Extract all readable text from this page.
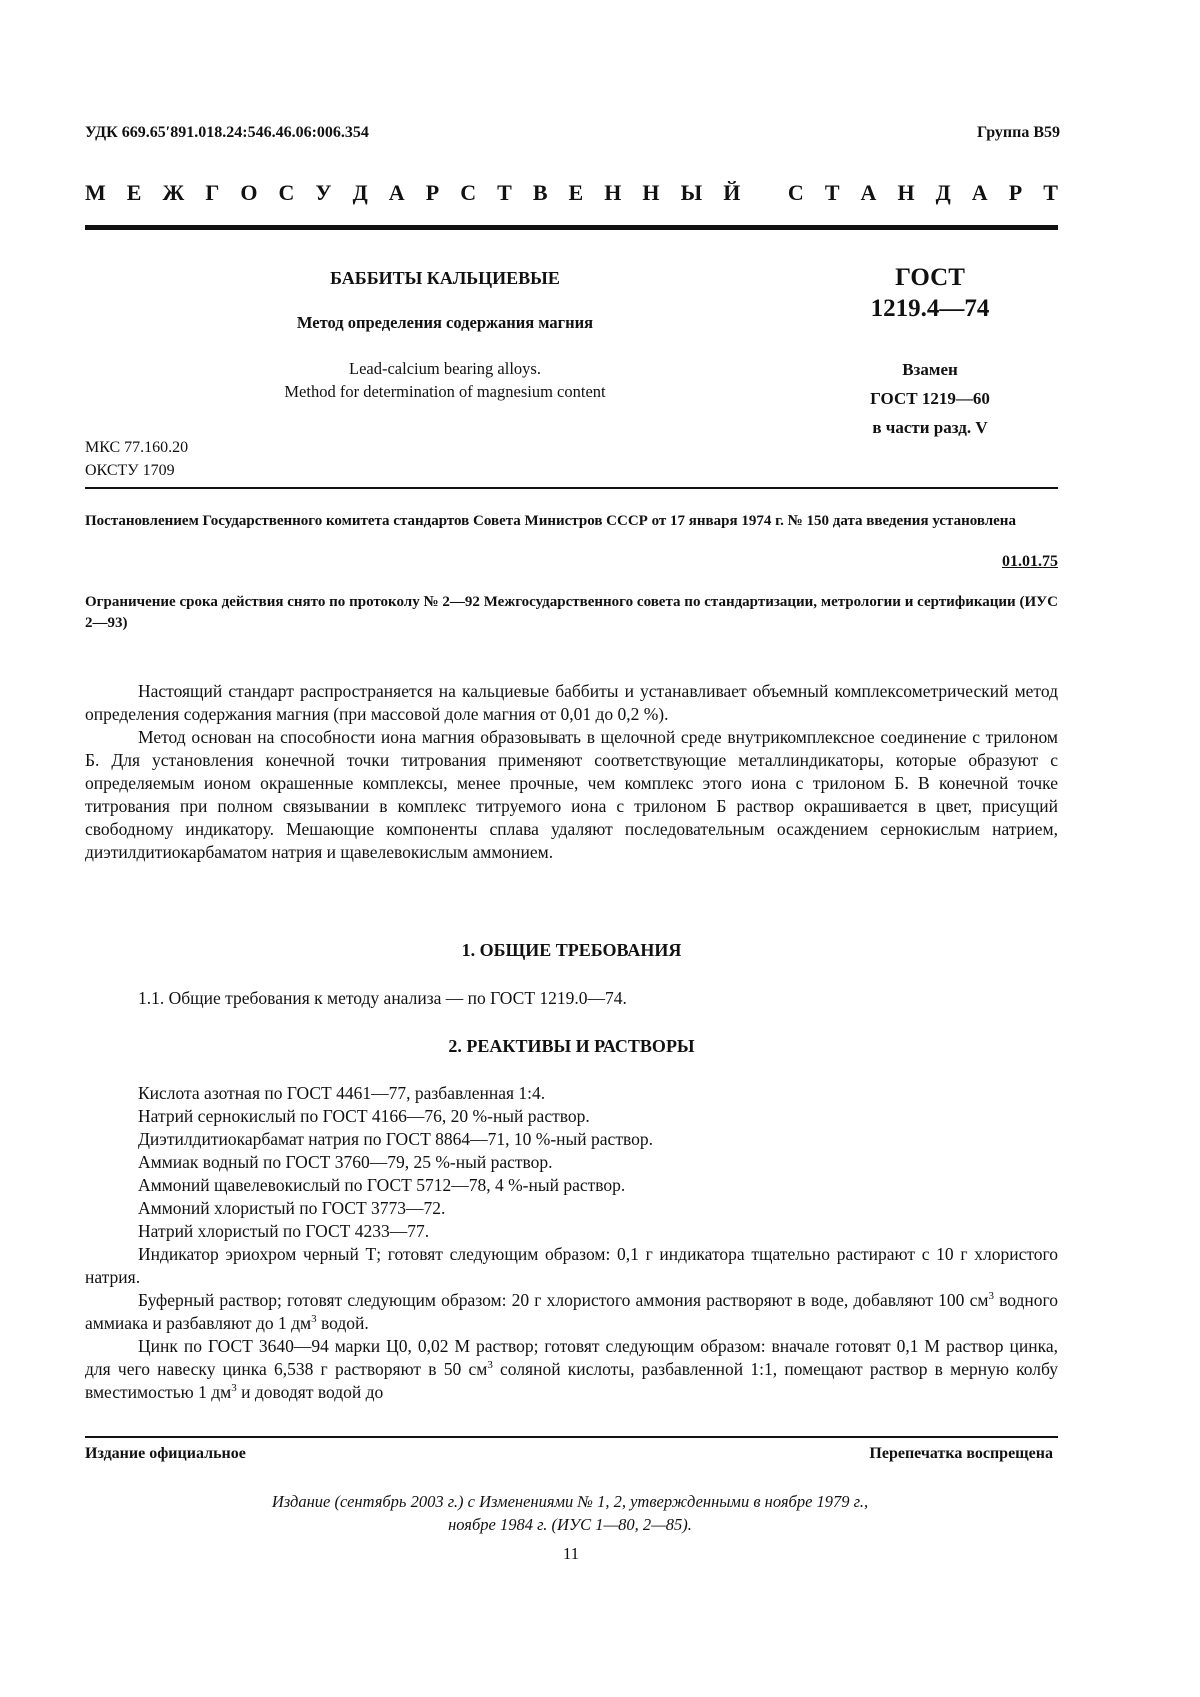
УДК 669.65′891.018.24:546.46.06:006.354	Группа В59
М Е Ж Г О С У Д А Р С Т В Е Н Н Ы Й
С Т А Н Д А Р Т
БАББИТЫ КАЛЬЦИЕВЫЕ
Метод определения содержания магния
Lead-calcium bearing alloys.
Method for determination of magnesium content
ГОСТ
1219.4—74
Взамен
ГОСТ 1219—60
в части разд. V
МКС 77.160.20
ОКСТУ 1709
Постановлением Государственного комитета стандартов Совета Министров СССР от 17 января 1974 г. № 150 дата введения установлена
01.01.75
Ограничение срока действия снято по протоколу № 2—92 Межгосударственного совета по стандартизации, метрологии и сертификации (ИУС 2—93)

Настоящий стандарт распространяется на кальциевые баббиты и устанавливает объемный комплексометрический метод определения содержания магния (при массовой доле магния от 0,01 до 0,2 %).

Метод основан на способности иона магния образовывать в щелочной среде внутрикомплексное соединение с трилоном Б. Для установления конечной точки титрования применяют соответствующие металлиндикаторы, которые образуют с определяемым ионом окрашенные комплексы, менее прочные, чем комплекс этого иона с трилоном Б. В конечной точке титрования при полном связывании в комплекс титруемого иона с трилоном Б раствор окрашивается в цвет, присущий свободному индикатору. Мешающие компоненты сплава удаляют последовательным осаждением сернокислым натрием, диэтилдитиокарбаматом натрия и щавелевокислым аммонием.

1. ОБЩИЕ ТРЕБОВАНИЯ
1.1. Общие требования к методу анализа — по ГОСТ 1219.0—74.
2. РЕАКТИВЫ И РАСТВОРЫ

Кислота азотная по ГОСТ 4461—77, разбавленная 1:4.

Натрий сернокислый по ГОСТ 4166—76, 20 %-ный раствор.

Диэтилдитиокарбамат натрия по ГОСТ 8864—71, 10 %-ный раствор.

Аммиак водный по ГОСТ 3760—79, 25 %-ный раствор.

Аммоний щавелевокислый по ГОСТ 5712—78, 4 %-ный раствор.

Аммоний хлористый по ГОСТ 3773—72.

Натрий хлористый по ГОСТ 4233—77.

Индикатор эриохром черный Т; готовят следующим образом: 0,1 г индикатора тщательно растирают с 10 г хлористого натрия.

Буферный раствор; готовят следующим образом: 20 г хлористого аммония растворяют в воде, добавляют 100 $см^3$ водного аммиака и разбавляют до 1 $дм^3$ водой.

Цинк по ГОСТ 3640—94 марки Ц0, 0,02 М раствор; готовят следующим образом: вначале готовят 0,1 М раствор цинка, для чего навеску цинка 6,538 г растворяют в 50 $см^3$ соляной кислоты, разбавленной 1:1, помещают раствор в мерную колбу вместимостью 1 $дм^3$ и доводят водой до

Издание официальное	Перепечатка воспрещена
Издание (сентябрь 2003 г.) с Изменениями № 1, 2, утвержденными в ноябре 1979 г.,
ноябре 1984 г. (ИУС 1—80, 2—85).
11
